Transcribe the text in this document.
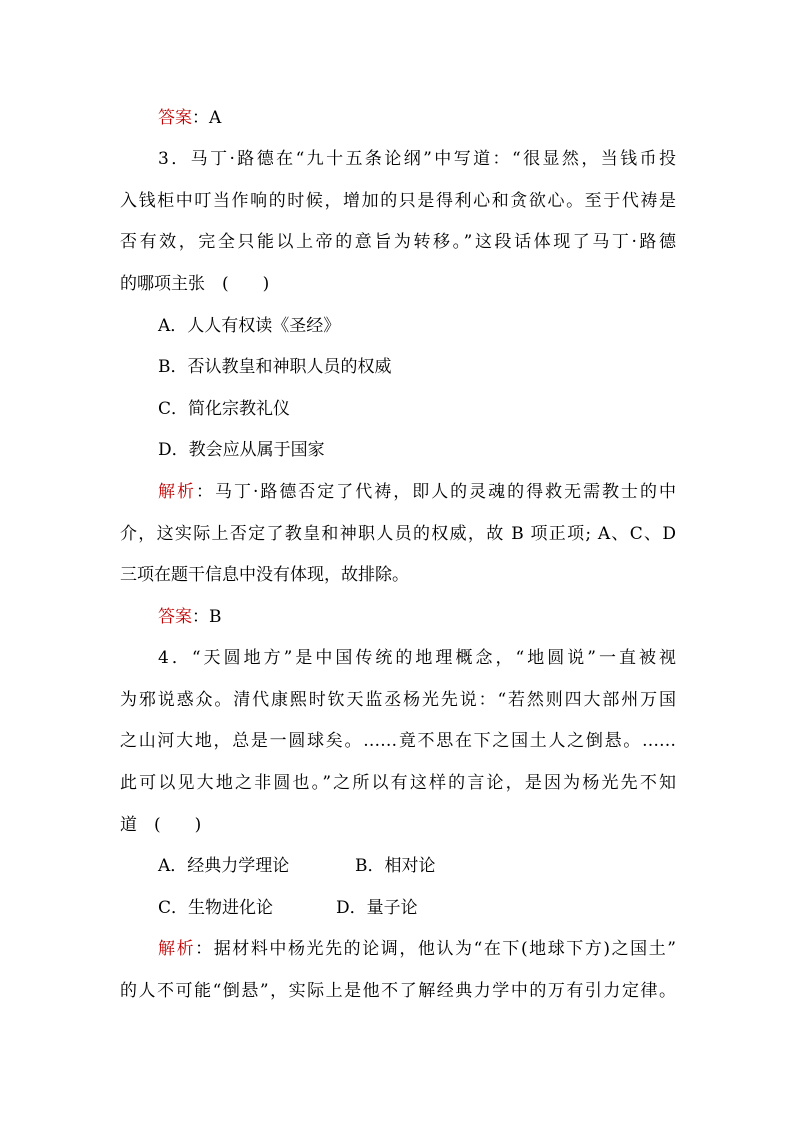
答案：A
3．马丁·路德在“九十五条论纲”中写道：“很显然，当钱币投
入钱柜中叮当作响的时候，增加的只是得利心和贪欲心。至于代祷是
否有效，完全只能以上帝的意旨为转移。”这段话体现了马丁·路德
的哪项主张　(　　)
A．人人有权读《圣经》
B．否认教皇和神职人员的权威
C．简化宗教礼仪
D．教会应从属于国家
解析：马丁·路德否定了代祷，即人的灵魂的得救无需教士的中
介，这实际上否定了教皇和神职人员的权威，故 B 项正项; A、C、D
三项在题干信息中没有体现，故排除。
答案：B
4．“天圆地方”是中国传统的地理概念，“地圆说”一直被视
为邪说惑众。清代康熙时钦天监丞杨光先说：“若然则四大部州万国
之山河大地，总是一圆球矣。……竟不思在下之国土人之倒悬。……
此可以见大地之非圆也。”之所以有这样的言论，是因为杨光先不知
道　(　　)
A．经典力学理论	B．相对论
C．生物进化论	D．量子论
解析：据材料中杨光先的论调，他认为“在下(地球下方)之国土”
的人不可能“倒悬”，实际上是他不了解经典力学中的万有引力定律。
